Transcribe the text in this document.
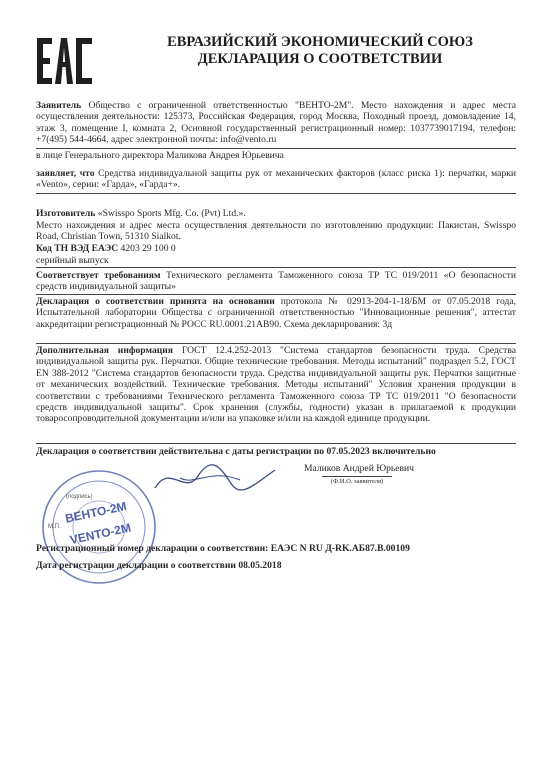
ЕВРАЗИЙСКИЙ ЭКОНОМИЧЕСКИЙ СОЮЗ
ДЕКЛАРАЦИЯ О СООТВЕТСТВИИ
Заявитель Общество с ограниченной ответственностью "ВЕНТО-2М". Место нахождения и адрес места осуществления деятельности: 125373, Российская Федерация, город Москва, Походный проезд, домовладение 14, этаж 3, помещение I, комната 2, Основной государственный регистрационный номер: 1037739017194, телефон: +7(495) 544-4664, адрес электронной почты: info@vento.ru
в лице Генерального директора Маликова Андрея Юрьевича
заявляет, что Средства индивидуальной защиты рук от механических факторов (класс риска 1): перчатки, марки «Vento», серии: «Гарда», «Гарда+».
Изготовитель «Swisspo Sports Mfg. Co. (Pvt) Ltd.».
Место нахождения и адрес места осуществления деятельности по изготовлению продукции: Пакистан, Swisspo Road, Christian Town, 51310 Sialkot.
Код ТН ВЭД ЕАЭС 4203 29 100 0
серийный выпуск
Соответствует требованиям Технического регламента Таможенного союза ТР ТС 019/2011 «О безопасности средств индивидуальной защиты»
Декларация о соответствии принята на основании протокола № 02913-204-1-18/БМ от 07.05.2018 года, Испытательной лаборатории Общества с ограниченной ответственностью "Инновационные решения", аттестат аккредитации регистрационный № РОСС RU.0001.21АВ90. Схема декларирования: 3д
Дополнительная информация ГОСТ 12.4.252-2013 "Система стандартов безопасности труда. Средства индивидуальной защиты рук. Перчатки. Общие технические требования. Методы испытаний" подраздел 5.2, ГОСТ EN 388-2012 "Система стандартов безопасности труда. Средства индивидуальной защиты рук. Перчатки защитные от механических воздействий. Технические требования. Методы испытаний" Условия хранения продукции в соответствии с требованиями Технического регламента Таможенного союза ТР ТС 019/2011 "О безопасности средств индивидуальной защиты". Срок хранения (службы, годности) указан в прилагаемой к продукции товаросопроводительной документации и/или на упаковке и/или на каждой единице продукции.
Декларация о соответствии действительна с даты регистрации по 07.05.2023 включительно
Маликов Андрей Юрьевич
(Ф.И.О. заявителя)
ВЕНТО-2М
VENTO-2M
(подпись)
М.П.
Регистрационный номер декларации о соответствии: ЕАЭС N RU Д-RK.АБ87.В.00109
Дата регистрации декларации о соответствии 08.05.2018
